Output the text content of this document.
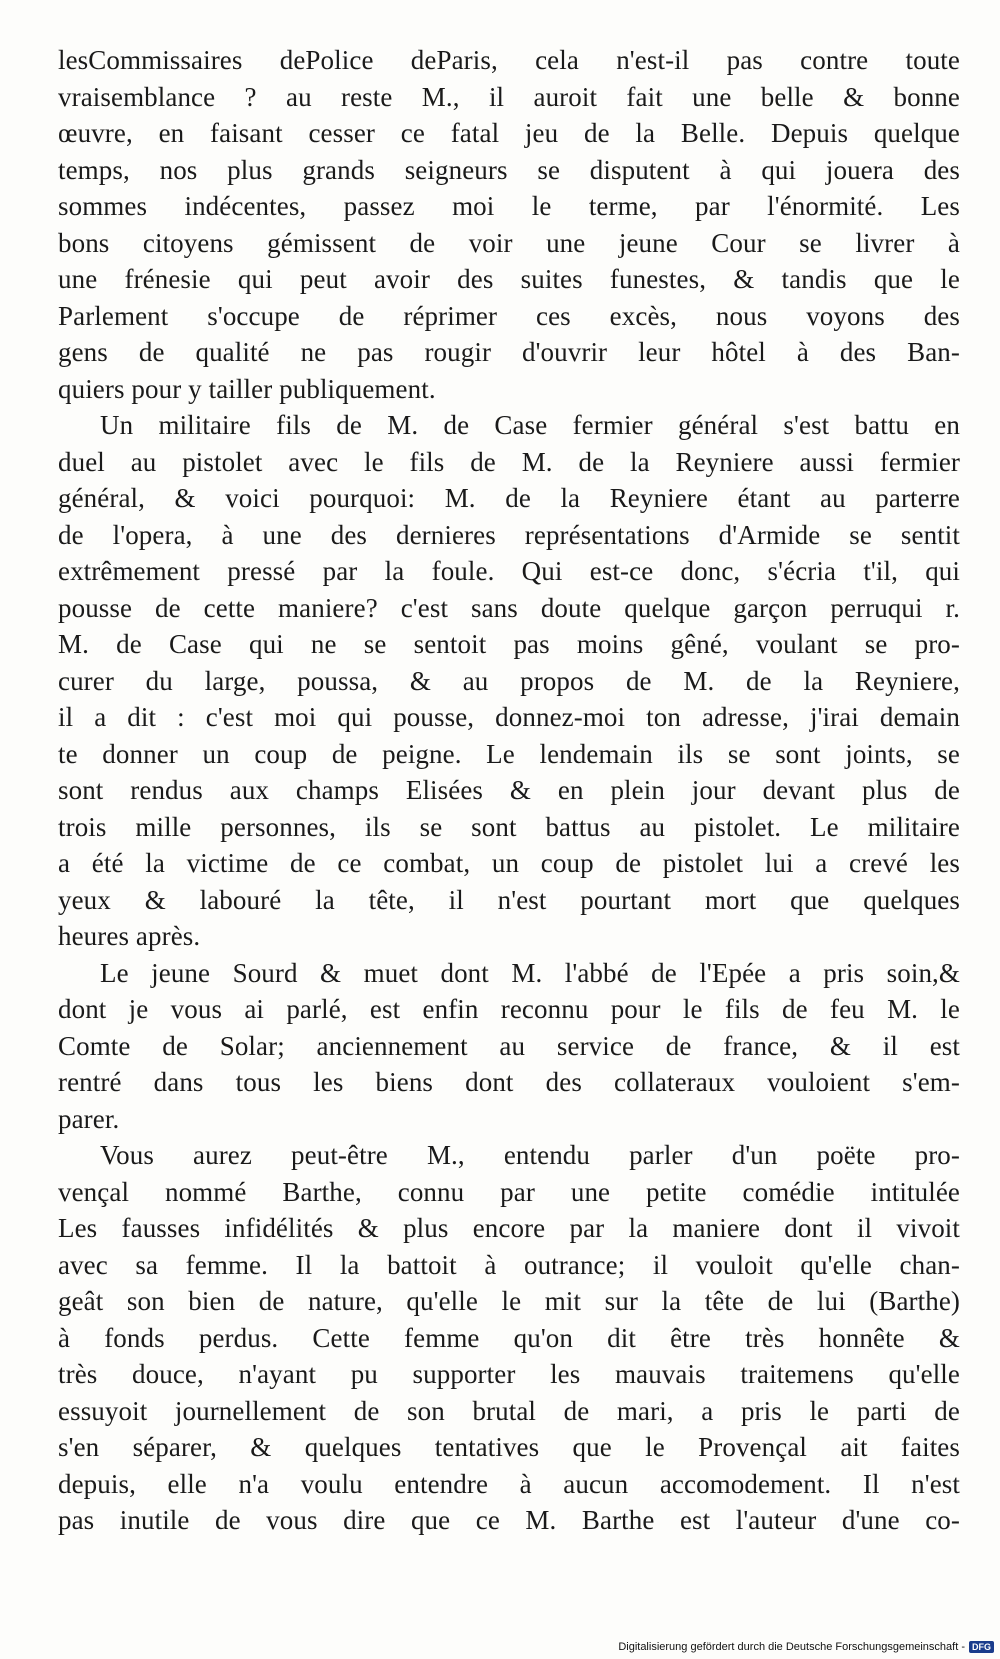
lesCommissaires dePolice deParis, cela n'est-il pas contre toute
vraisemblance ? au reste M., il auroit fait une belle & bonne
œuvre, en faisant cesser ce fatal jeu de la Belle. Depuis quelque
temps, nos plus grands seigneurs se disputent à qui jouera des
sommes indécentes, passez moi le terme, par l'énormité. Les
bons citoyens gémissent de voir une jeune Cour se livrer à
une frénesie qui peut avoir des suites funestes, & tandis que le
Parlement s'occupe de réprimer ces excès, nous voyons des
gens de qualité ne pas rougir d'ouvrir leur hôtel à des Ban-
quiers pour y tailler publiquement.
Un militaire fils de M. de Case fermier général s'est battu en
duel au pistolet avec le fils de M. de la Reyniere aussi fermier
général, & voici pourquoi: M. de la Reyniere étant au parterre
de l'opera, à une des dernieres représentations d'Armide se sentit
extrêmement pressé par la foule. Qui est-ce donc, s'écria t'il, qui
pousse de cette maniere? c'est sans doute quelque garçon perruqui r.
M. de Case qui ne se sentoit pas moins gêné, voulant se pro-
curer du large, poussa, & au propos de M. de la Reyniere,
il a dit : c'est moi qui pousse, donnez-moi ton adresse, j'irai demain
te donner un coup de peigne. Le lendemain ils se sont joints, se
sont rendus aux champs Elisées & en plein jour devant plus de
trois mille personnes, ils se sont battus au pistolet. Le militaire
a été la victime de ce combat, un coup de pistolet lui a crevé les
yeux & labouré la tête, il n'est pourtant mort que quelques
heures après.
Le jeune Sourd & muet dont M. l'abbé de l'Epée a pris soin,&
dont je vous ai parlé, est enfin reconnu pour le fils de feu M. le
Comte de Solar; anciennement au service de france, & il est
rentré dans tous les biens dont des collateraux vouloient s'em-
parer.
Vous aurez peut-être M., entendu parler d'un poëte pro-
vençal nommé Barthe, connu par une petite comédie intitulée
Les fausses infidélités & plus encore par la maniere dont il vivoit
avec sa femme. Il la battoit à outrance; il vouloit qu'elle chan-
geât son bien de nature, qu'elle le mit sur la tête de lui (Barthe)
à fonds perdus. Cette femme qu'on dit être très honnête &
très douce, n'ayant pu supporter les mauvais traitemens qu'elle
essuyoit journellement de son brutal de mari, a pris le parti de
s'en séparer, & quelques tentatives que le Provençal ait faites
depuis, elle n'a voulu entendre à aucun accomodement. Il n'est
pas inutile de vous dire que ce M. Barthe est l'auteur d'une co-
Digitalisierung gefördert durch die Deutsche Forschungsgemeinschaft - DFG
